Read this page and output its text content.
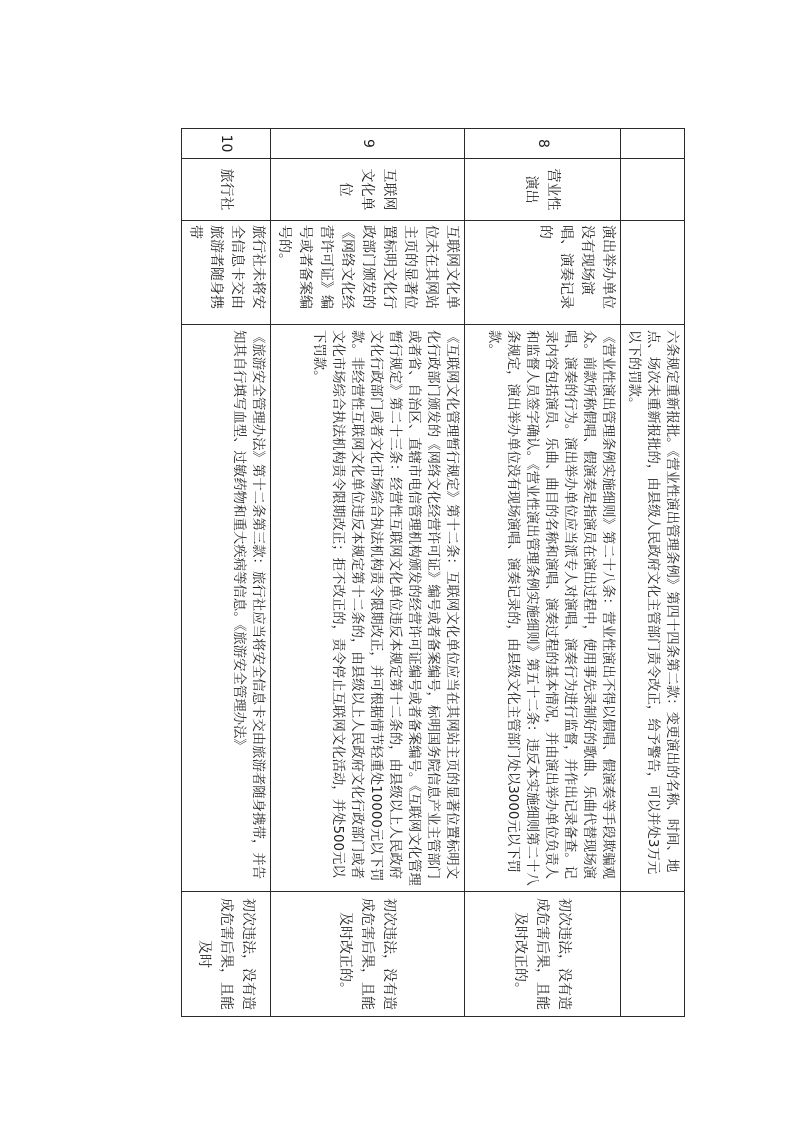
			六条规定重新报批。《营业性演出管理条例》第四十四条第二款：变更演出的名称、时间、地点、场次未重新报批的，由县级人民政府文化主管部门责令改正，给予警告，可以并处3万元以下的罚款。	
8	营业性演出	演出举办单位没有现场演唱、演奏记录的	《营业性演出管理条例实施细则》第二十八条：营业性演出不得以假唱、假演奏等手段欺骗观众。前款所称假唱、假演奏是指演员在演出过程中，使用事先录制好的歌曲、乐曲代替现场演唱、演奏的行为。演出举办单位应当派专人对演唱、演奏行为进行监督，并作出记录备查。记录内容包括演员、乐曲、曲目的名称和演唱、演奏过程的基本情况，并由演出举办单位负责人和监督人员签字确认。《营业性演出管理条例实施细则》第五十二条：违反本实施细则第二十八条规定，演出举办单位没有现场演唱、演奏记录的，由县级文化主管部门处以3000元以下罚款。	初次违法，没有造成危害后果，且能及时改正的。
9	互联网文化单位	互联网文化单位未在其网站主页的显著位置标明文化行政部门颁发的《网络文化经营许可证》编号或者备案编号的。	《互联网文化管理暂行规定》第十二条：互联网文化单位应当在其网站主页的显著位置标明文化行政部门颁发的《网络文化经营许可证》编号或者备案编号，标明国务院信息产业主管部门或者省、自治区、直辖市电信管理机构颁发的经营许可证编号或者备案编号。《互联网文化管理暂行规定》第二十三条：经营性互联网文化单位违反本规定第十二条的，由县级以上人民政府文化行政部门或者文化市场综合执法机构责令限期改正，并可根据情节轻重处10000元以下罚款。非经营性互联网文化单位违反本规定第十二条的，由县级以上人民政府文化行政部门或者文化市场综合执法机构责令限期改正；拒不改正的，责令停止互联网文化活动，并处500元以下罚款。	初次违法，没有造成危害后果，且能及时改正的。
10	旅行社	旅行社未将安全信息卡交由旅游者随身携带	《旅游安全管理办法》第十二条第三款：旅行社应当将安全信息卡交由旅游者随身携带，并告知其自行填写血型、过敏药物和重大疾病等信息。《旅游安全管理办法》	初次违法，没有造成危害后果，且能及时
